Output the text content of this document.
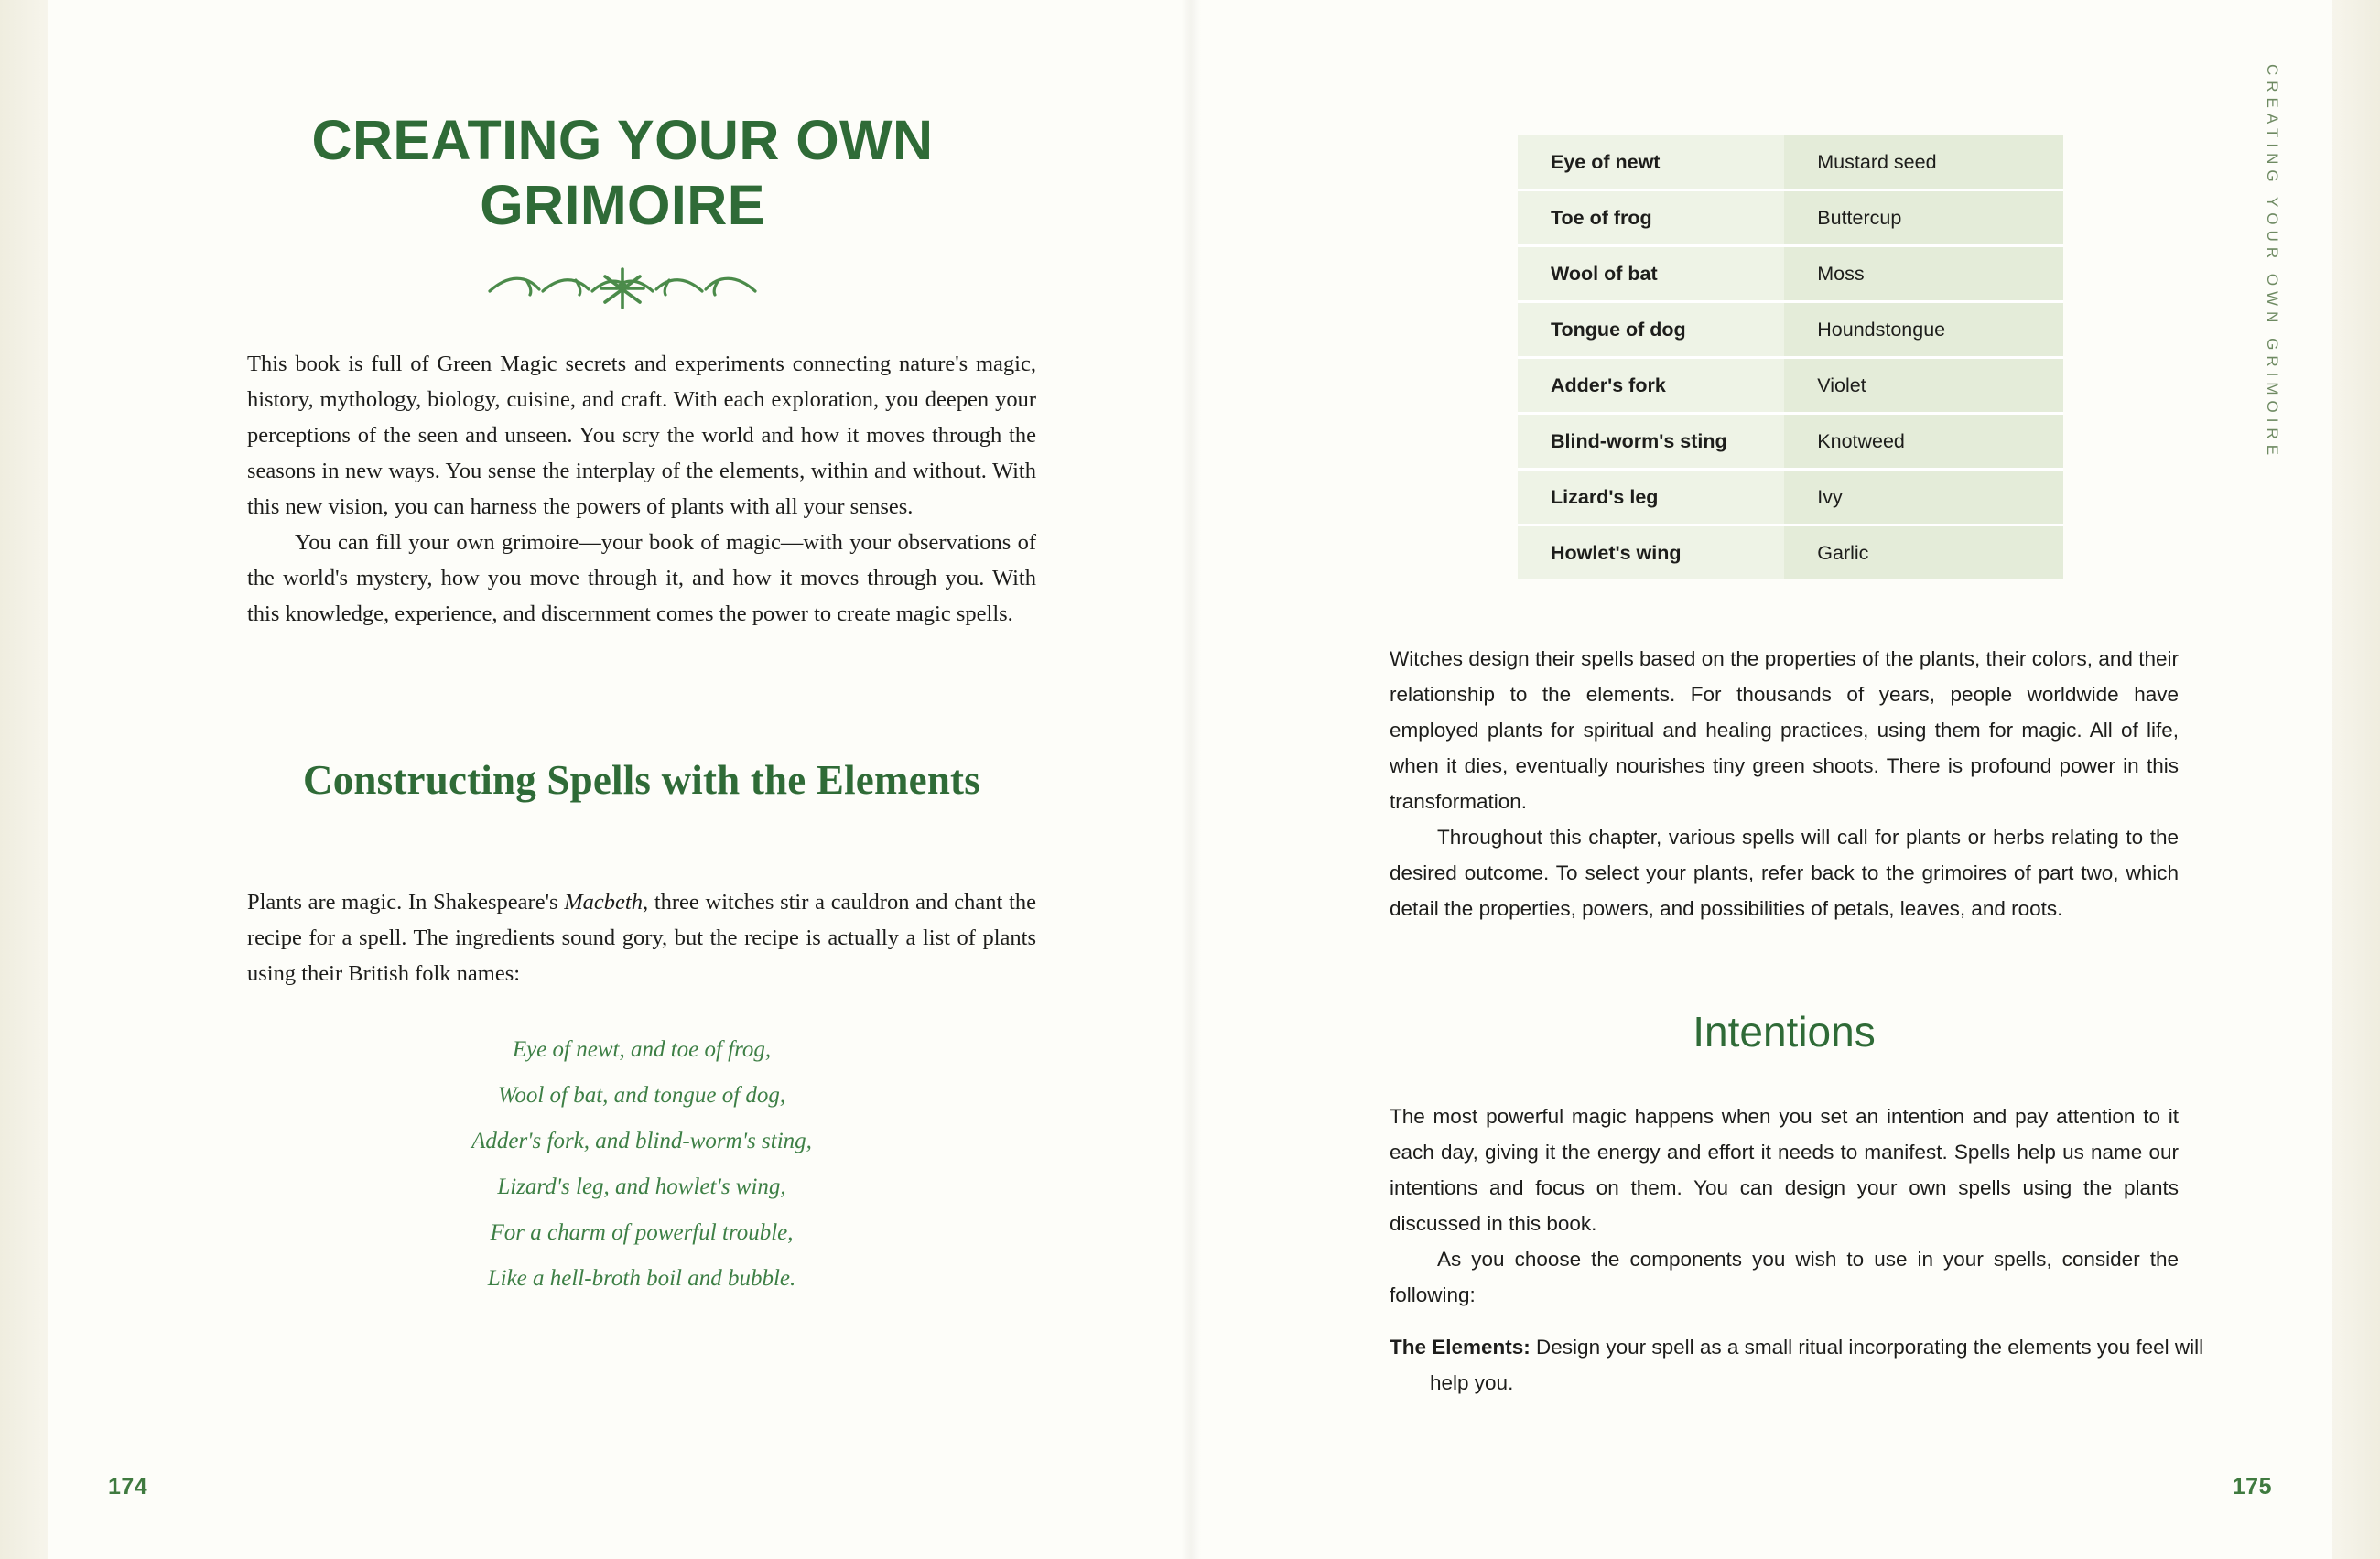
CREATING YOUR OWN GRIMOIRE

This book is full of Green Magic secrets and experiments connecting nature's magic, history, mythology, biology, cuisine, and craft. With each exploration, you deepen your perceptions of the seen and unseen. You scry the world and how it moves through the seasons in new ways. You sense the interplay of the elements, within and without. With this new vision, you can harness the powers of plants with all your senses.

You can fill your own grimoire—your book of magic—with your observations of the world's mystery, how you move through it, and how it moves through you. With this knowledge, experience, and discernment comes the power to create magic spells.

Constructing Spells with the Elements

Plants are magic. In Shakespeare's Macbeth, three witches stir a cauldron and chant the recipe for a spell. The ingredients sound gory, but the recipe is actually a list of plants using their British folk names:

Eye of newt, and toe of frog,
Wool of bat, and tongue of dog,
Adder's fork, and blind-worm's sting,
Lizard's leg, and howlet's wing,
For a charm of powerful trouble,
Like a hell-broth boil and bubble.
174
CREATING YOUR OWN GRIMOIRE
Eye of newt	Mustard seed
Toe of frog	Buttercup
Wool of bat	Moss
Tongue of dog	Houndstongue
Adder's fork	Violet
Blind-worm's sting	Knotweed
Lizard's leg	Ivy
Howlet's wing	Garlic

Witches design their spells based on the properties of the plants, their colors, and their relationship to the elements. For thousands of years, people worldwide have employed plants for spiritual and healing practices, using them for magic. All of life, when it dies, eventually nourishes tiny green shoots. There is profound power in this transformation.

Throughout this chapter, various spells will call for plants or herbs relating to the desired outcome. To select your plants, refer back to the grimoires of part two, which detail the properties, powers, and possibilities of petals, leaves, and roots.

Intentions

The most powerful magic happens when you set an intention and pay attention to it each day, giving it the energy and effort it needs to manifest. Spells help us name our intentions and focus on them. You can design your own spells using the plants discussed in this book.

As you choose the components you wish to use in your spells, consider the following:

The Elements: Design your spell as a small ritual incorporating the elements you feel will help you.
175
